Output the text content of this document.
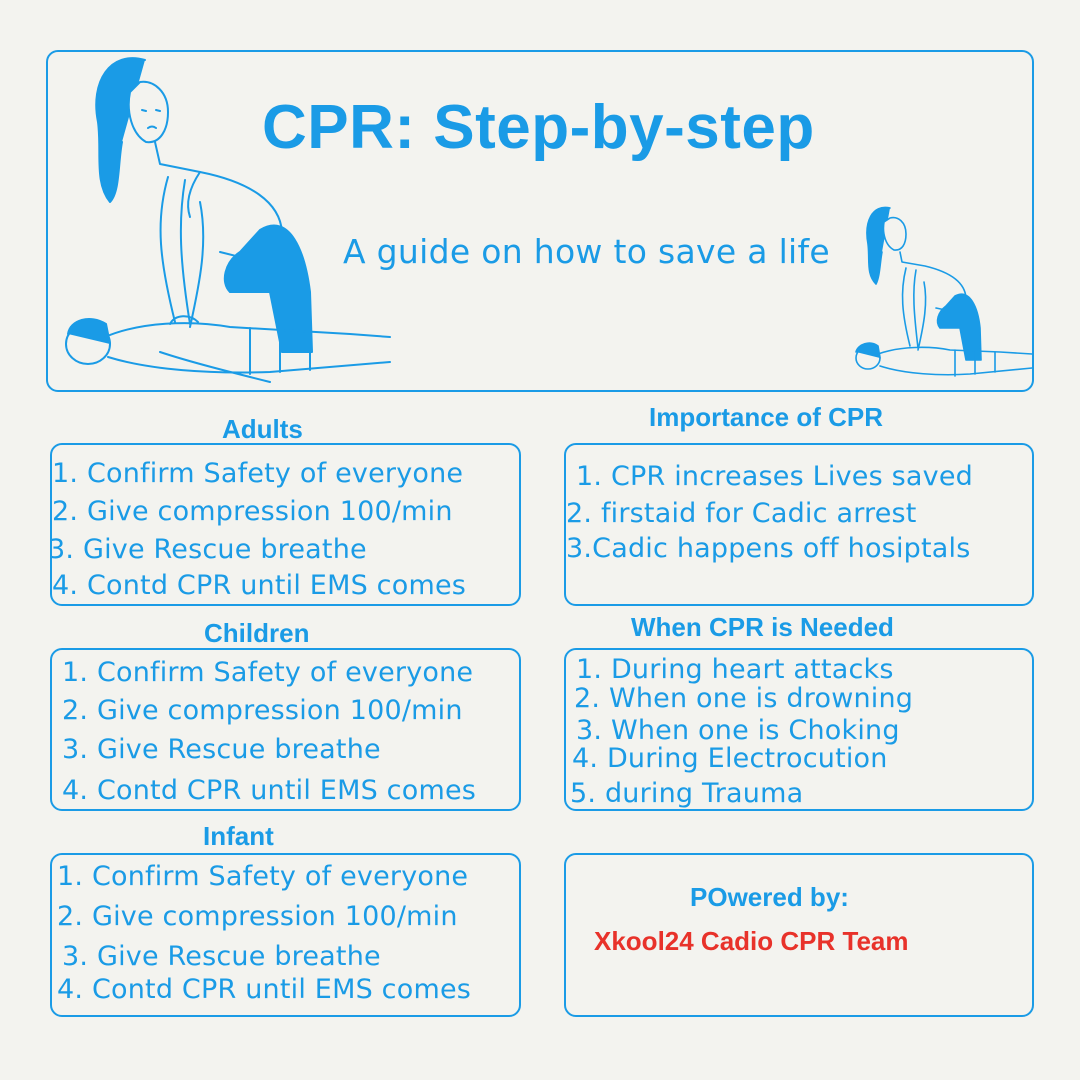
CPR: Step-by-step
A guide on how to save a life
Adults
1. Confirm Safety of everyone
2. Give compression 100/min
3. Give Rescue breathe
4. Contd CPR until EMS comes
Children
1. Confirm Safety of everyone
2. Give compression 100/min
3. Give Rescue breathe
4. Contd CPR until EMS comes
Infant
1. Confirm Safety of everyone
2. Give compression 100/min
3. Give Rescue breathe
4. Contd CPR until EMS comes
Importance of CPR
1. CPR increases Lives saved
2. firstaid for Cadic arrest
3.Cadic happens off hosiptals
When CPR is Needed
1. During heart attacks
2. When one is drowning
3. When one is Choking
4. During Electrocution
5. during Trauma
POwered by:
Xkool24 Cadio CPR Team
